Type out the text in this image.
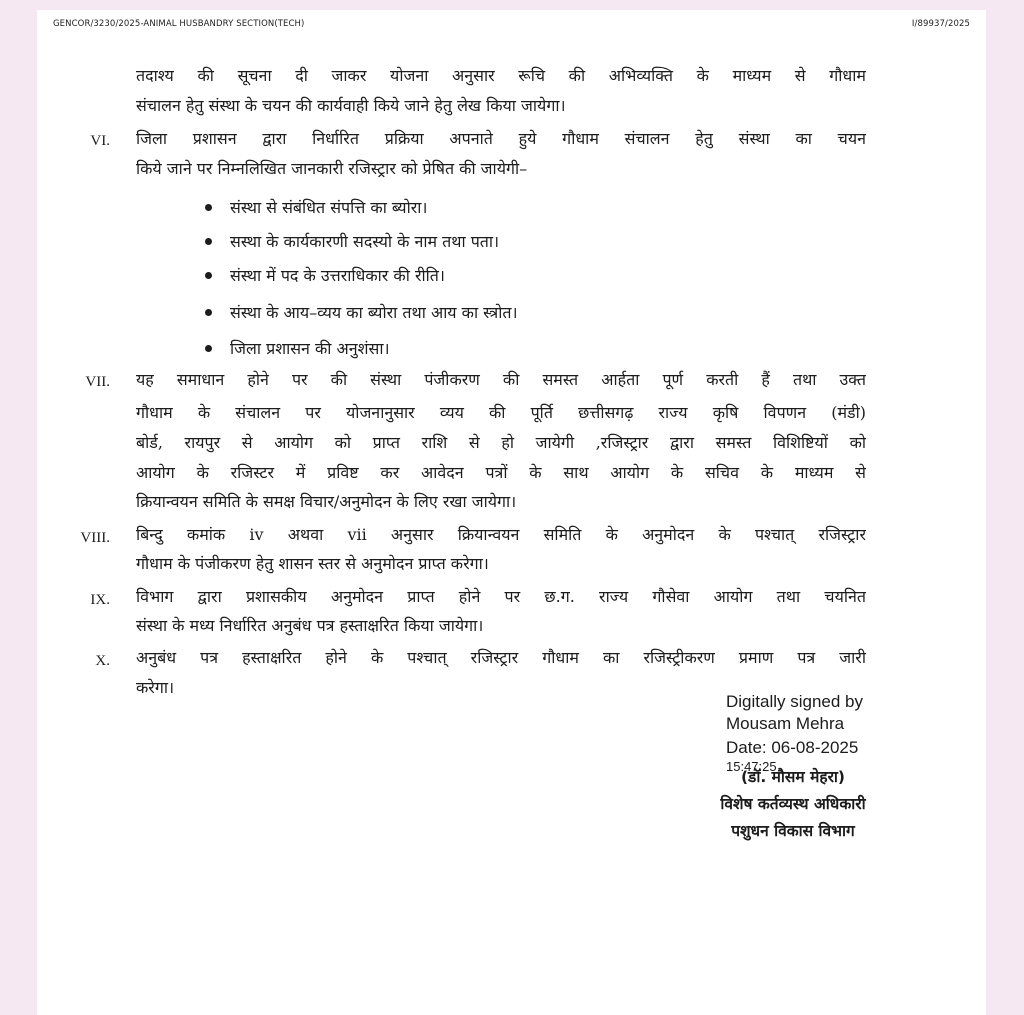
GENCOR/3230/2025-ANIMAL HUSBANDRY SECTION(TECH)	I/89937/2025
तदाश्य की सूचना दी जाकर योजना अनुसार रूचि की अभिव्यक्ति के माध्यम से गौधाम
संचालन हेतु संस्था के चयन की कार्यवाही किये जाने हेतु लेख किया जायेगा।
VI. जिला प्रशासन द्वारा निर्धारित प्रक्रिया अपनाते हुये गौधाम संचालन हेतु संस्था का चयन
किये जाने पर निम्नलिखित जानकारी रजिस्ट्रार को प्रेषित की जायेगी–
संस्था से संबंधित संपत्ति का ब्योरा।
सस्था के कार्यकारणी सदस्यो के नाम तथा पता।
संस्था में पद के उत्तराधिकार की रीति।
संस्था के आय–व्यय का ब्योरा तथा आय का स्त्रोत।
जिला प्रशासन की अनुशंसा।
VII. यह समाधान होने पर की संस्था पंजीकरण की समस्त आर्हता पूर्ण करती हैं तथा उक्त
गौधाम के संचालन पर योजनानुसार व्यय की पूर्ति छत्तीसगढ़ राज्य कृषि विपणन (मंडी)
बोर्ड, रायपुर से आयोग को प्राप्त राशि से हो जायेगी ,रजिस्ट्रार द्वारा समस्त विशिष्टियों को
आयोग के रजिस्टर में प्रविष्ट कर आवेदन पत्रों के साथ आयोग के सचिव के माध्यम से
क्रियान्वयन समिति के समक्ष विचार/अनुमोदन के लिए रखा जायेगा।
VIII. बिन्दु कमांक iv अथवा vii अनुसार क्रियान्वयन समिति के अनुमोदन के पश्चात् रजिस्ट्रार
गौधाम के पंजीकरण हेतु शासन स्तर से अनुमोदन प्राप्त करेगा।
IX. विभाग द्वारा प्रशासकीय अनुमोदन प्राप्त होने पर छ.ग. राज्य गौसेवा आयोग तथा चयनित
संस्था के मध्य निर्धारित अनुबंध पत्र हस्ताक्षरित किया जायेगा।
X. अनुबंध पत्र हस्ताक्षरित होने के पश्चात् रजिस्ट्रार गौधाम का रजिस्ट्रीकरण प्रमाण पत्र जारी
करेगा।
Digitally signed by
Mousam Mehra
Date: 06-08-2025
15:47:25
(डॉ. मौसम मेहरा)
विशेष कर्तव्यस्थ अधिकारी
पशुधन विकास विभाग
